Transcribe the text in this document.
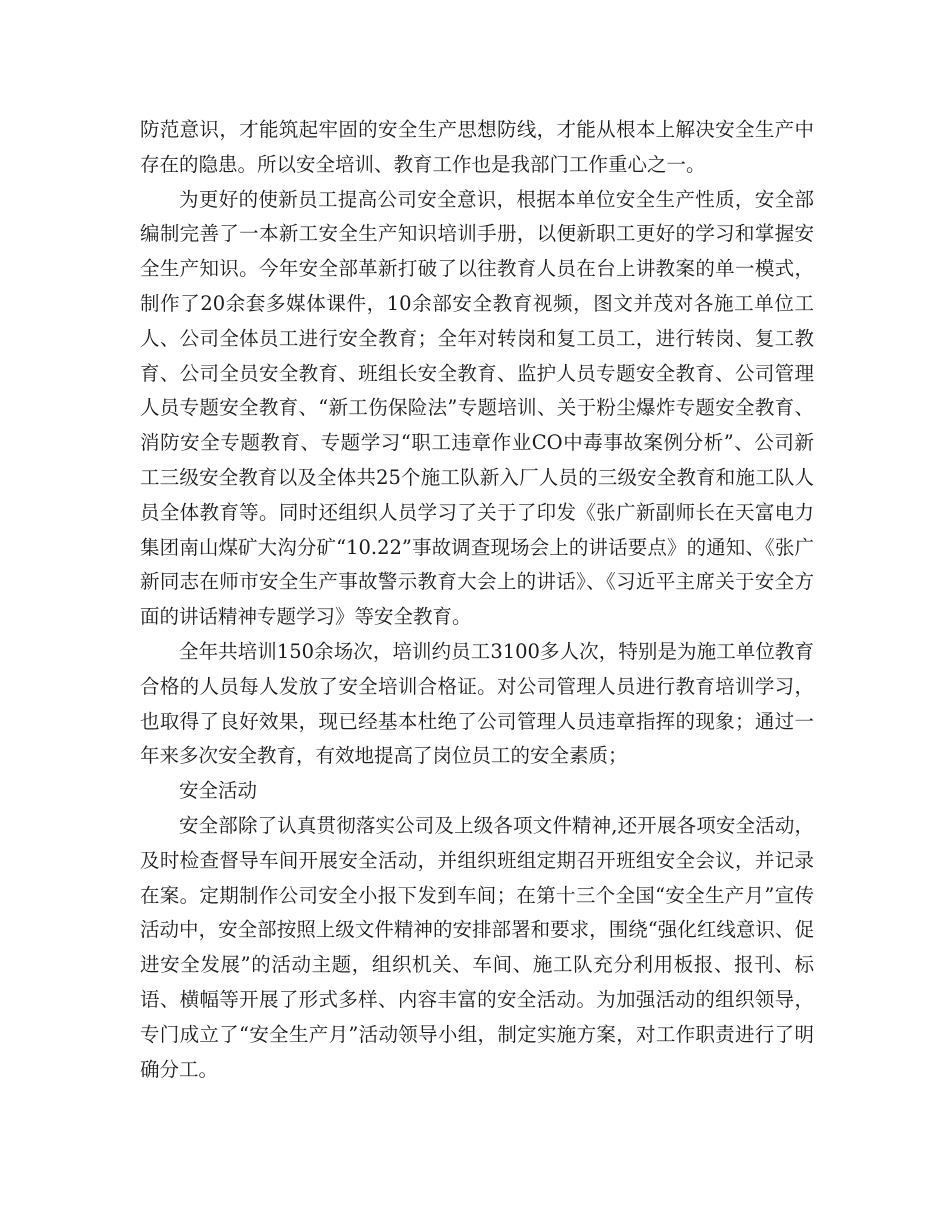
防范意识，才能筑起牢固的安全生产思想防线，才能从根本上解决安全生产中存在的隐患。所以安全培训、教育工作也是我部门工作重心之一。

为更好的使新员工提高公司安全意识，根据本单位安全生产性质，安全部编制完善了一本新工安全生产知识培训手册，以便新职工更好的学习和掌握安全生产知识。今年安全部革新打破了以往教育人员在台上讲教案的单一模式，制作了20余套多媒体课件，10余部安全教育视频，图文并茂对各施工单位工人、公司全体员工进行安全教育；全年对转岗和复工员工，进行转岗、复工教育、公司全员安全教育、班组长安全教育、监护人员专题安全教育、公司管理人员专题安全教育、“新工伤保险法”专题培训、关于粉尘爆炸专题安全教育、消防安全专题教育、专题学习“职工违章作业CO中毒事故案例分析”、公司新工三级安全教育以及全体共25个施工队新入厂人员的三级安全教育和施工队人员全体教育等。同时还组织人员学习了关于了印发《张广新副师长在天富电力集团南山煤矿大沟分矿“10.22”事故调查现场会上的讲话要点》的通知、《张广新同志在师市安全生产事故警示教育大会上的讲话》、《习近平主席关于安全方面的讲话精神专题学习》等安全教育。

全年共培训150余场次，培训约员工3100多人次，特别是为施工单位教育合格的人员每人发放了安全培训合格证。对公司管理人员进行教育培训学习，也取得了良好效果，现已经基本杜绝了公司管理人员违章指挥的现象；通过一年来多次安全教育，有效地提高了岗位员工的安全素质；

安全活动

安全部除了认真贯彻落实公司及上级各项文件精神,还开展各项安全活动，及时检查督导车间开展安全活动，并组织班组定期召开班组安全会议，并记录在案。定期制作公司安全小报下发到车间；在第十三个全国“安全生产月”宣传活动中，安全部按照上级文件精神的安排部署和要求，围绕“强化红线意识、促进安全发展”的活动主题，组织机关、车间、施工队充分利用板报、报刊、标语、横幅等开展了形式多样、内容丰富的安全活动。为加强活动的组织领导，专门成立了“安全生产月”活动领导小组，制定实施方案，对工作职责进行了明确分工。
